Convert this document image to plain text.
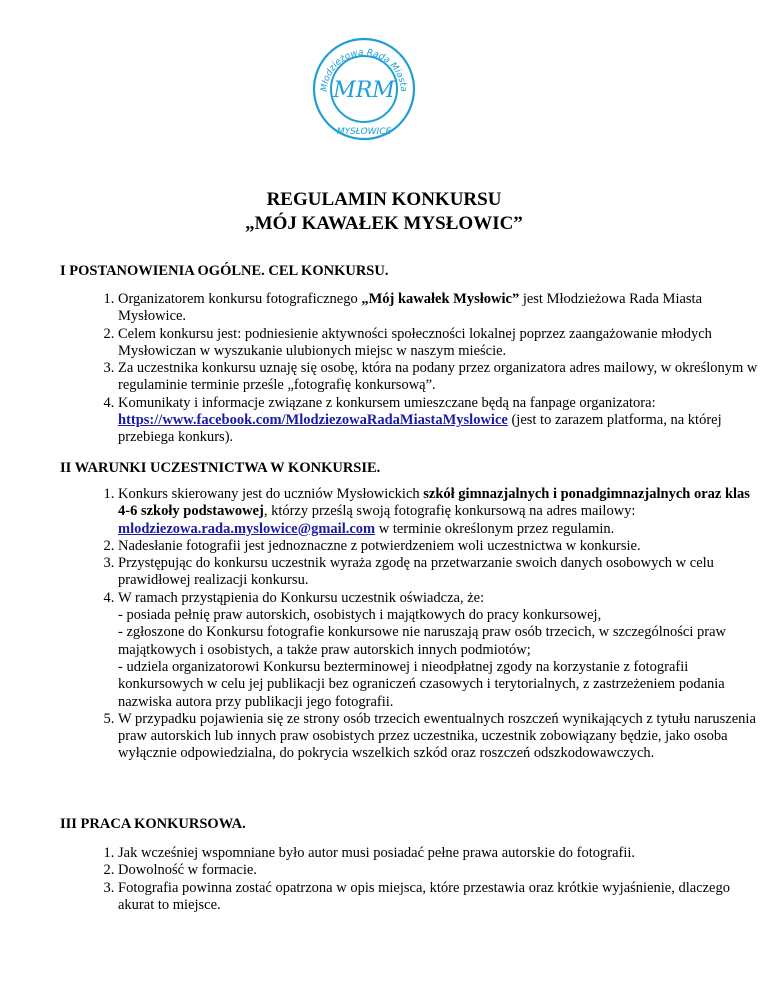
Młodzieżowa Rada Miasta
MRM
MYSŁOWICE
REGULAMIN KONKURSU
„MÓJ KAWAŁEK MYSŁOWIC”
I POSTANOWIENIA OGÓLNE. CEL KONKURSU.
1. Organizatorem konkursu fotograficznego „Mój kawałek Mysłowic” jest Młodzieżowa Rada Miasta Mysłowice.
2. Celem konkursu jest: podniesienie aktywności społeczności lokalnej poprzez zaangażowanie młodych Mysłowiczan w wyszukanie ulubionych miejsc w naszym mieście.
3. Za uczestnika konkursu uznaję się osobę, która na podany przez organizatora adres mailowy, w określonym w regulaminie terminie prześle „fotografię konkursową”.
4. Komunikaty i informacje związane z konkursem umieszczane będą na fanpage organizatora: https://www.facebook.com/MlodziezowaRadaMiastaMyslowice (jest to zarazem platforma, na której przebiega konkurs).
II WARUNKI UCZESTNICTWA W KONKURSIE.
1. Konkurs skierowany jest do uczniów Mysłowickich szkół gimnazjalnych i ponadgimnazjalnych oraz klas 4-6 szkoły podstawowej, którzy prześlą swoją fotografię konkursową na adres mailowy: mlodziezowa.rada.myslowice@gmail.com w terminie określonym przez regulamin.
2. Nadesłanie fotografii jest jednoznaczne z potwierdzeniem woli uczestnictwa w konkursie.
3. Przystępując do konkursu uczestnik wyraża zgodę na przetwarzanie swoich danych osobowych w celu prawidłowej realizacji konkursu.
4. W ramach przystąpienia do Konkursu uczestnik oświadcza, że:
- posiada pełnię praw autorskich, osobistych i majątkowych do pracy konkursowej,
- zgłoszone do Konkursu fotografie konkursowe nie naruszają praw osób trzecich, w szczególności praw majątkowych i osobistych, a także praw autorskich innych podmiotów;
- udziela organizatorowi Konkursu bezterminowej i nieodpłatnej zgody na korzystanie z fotografii konkursowych w celu jej publikacji bez ograniczeń czasowych i terytorialnych, z zastrzeżeniem podania nazwiska autora przy publikacji jego fotografii.
5. W przypadku pojawienia się ze strony osób trzecich ewentualnych roszczeń wynikających z tytułu naruszenia praw autorskich lub innych praw osobistych przez uczestnika, uczestnik zobowiązany będzie, jako osoba wyłącznie odpowiedzialna, do pokrycia wszelkich szkód oraz roszczeń odszkodowawczych.
III PRACA KONKURSOWA.
1. Jak wcześniej wspomniane było autor musi posiadać pełne prawa autorskie do fotografii.
2. Dowolność w formacie.
3. Fotografia powinna zostać opatrzona w opis miejsca, które przestawia oraz krótkie wyjaśnienie, dlaczego akurat to miejsce.
